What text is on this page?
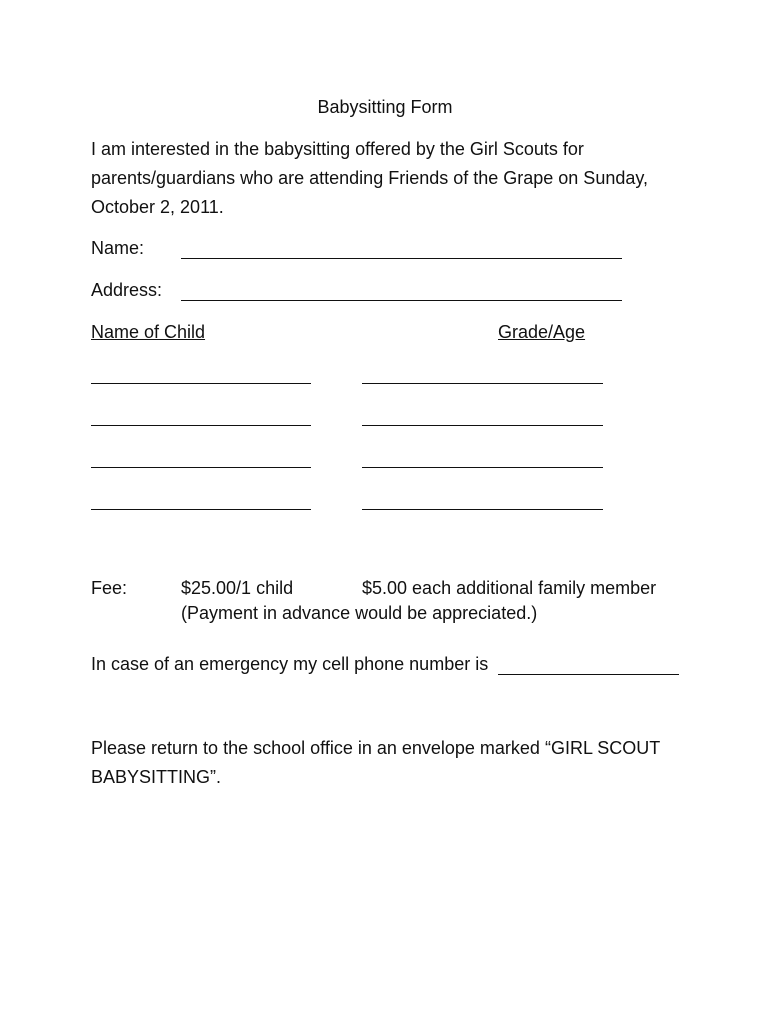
Babysitting Form
I am interested in the babysitting offered by the Girl Scouts for parents/guardians who are attending Friends of the Grape on Sunday, October 2, 2011.
Name:
Address:
Name of Child	Grade/Age
Fee:	$25.00/1 child	$5.00 each additional family member
(Payment in advance would be appreciated.)
In case of an emergency my cell phone number is
Please return to the school office in an envelope marked “GIRL SCOUT
BABYSITTING”.
